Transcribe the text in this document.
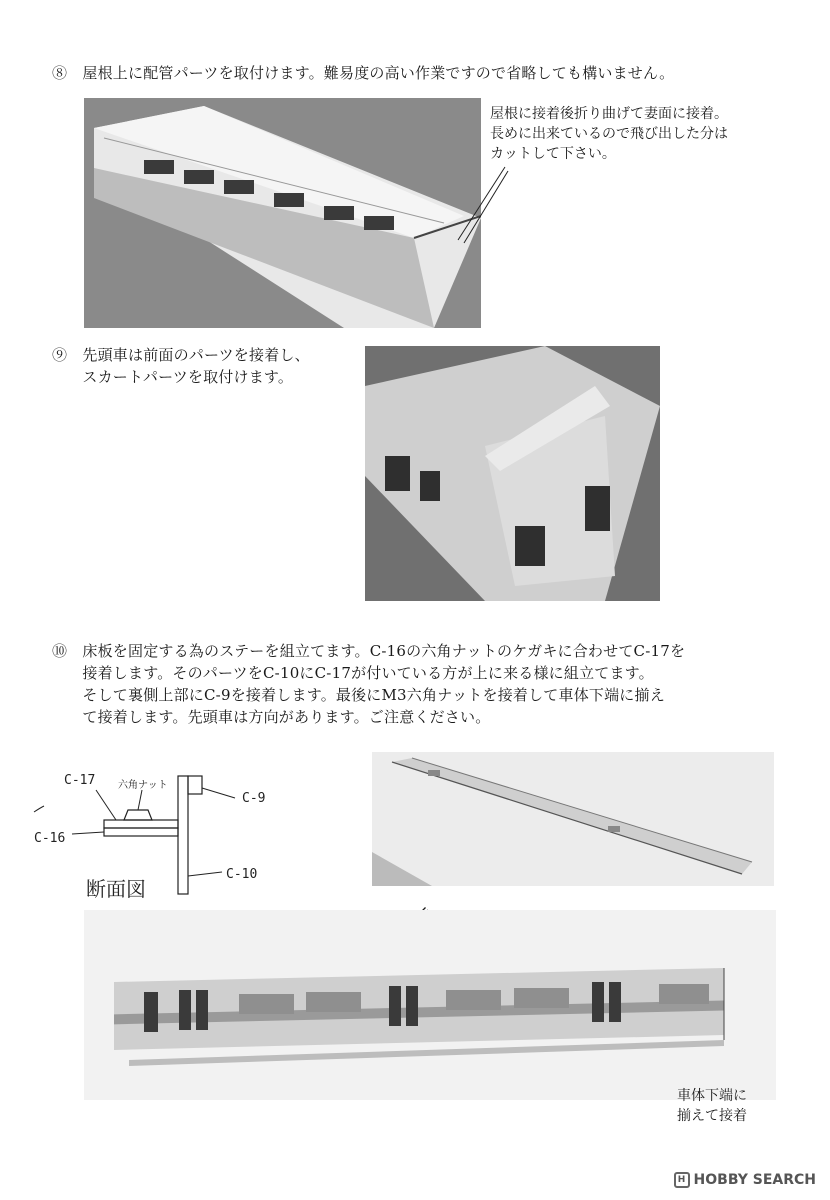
⑧　屋根上に配管パーツを取付けます。難易度の高い作業ですので省略しても構いません。
屋根に接着後折り曲げて妻面に接着。
長めに出来ているので飛び出した分は
カットして下さい。
⑨　先頭車は前面のパーツを接着し、
　　スカートパーツを取付けます。
⑩　床板を固定する為のステーを組立てます。C-16の六角ナットのケガキに合わせてC-17を
　　接着します。そのパーツをC-10にC-17が付いている方が上に来る様に組立てます。
　　そして裏側上部にC-9を接着します。最後にM3六角ナットを接着して車体下端に揃え
　　て接着します。先頭車は方向があります。ご注意ください。
C-17 六角ナット
C-9
C-16
C-10
断面図
車体下端に
揃えて接着
H HOBBY SEARCH
